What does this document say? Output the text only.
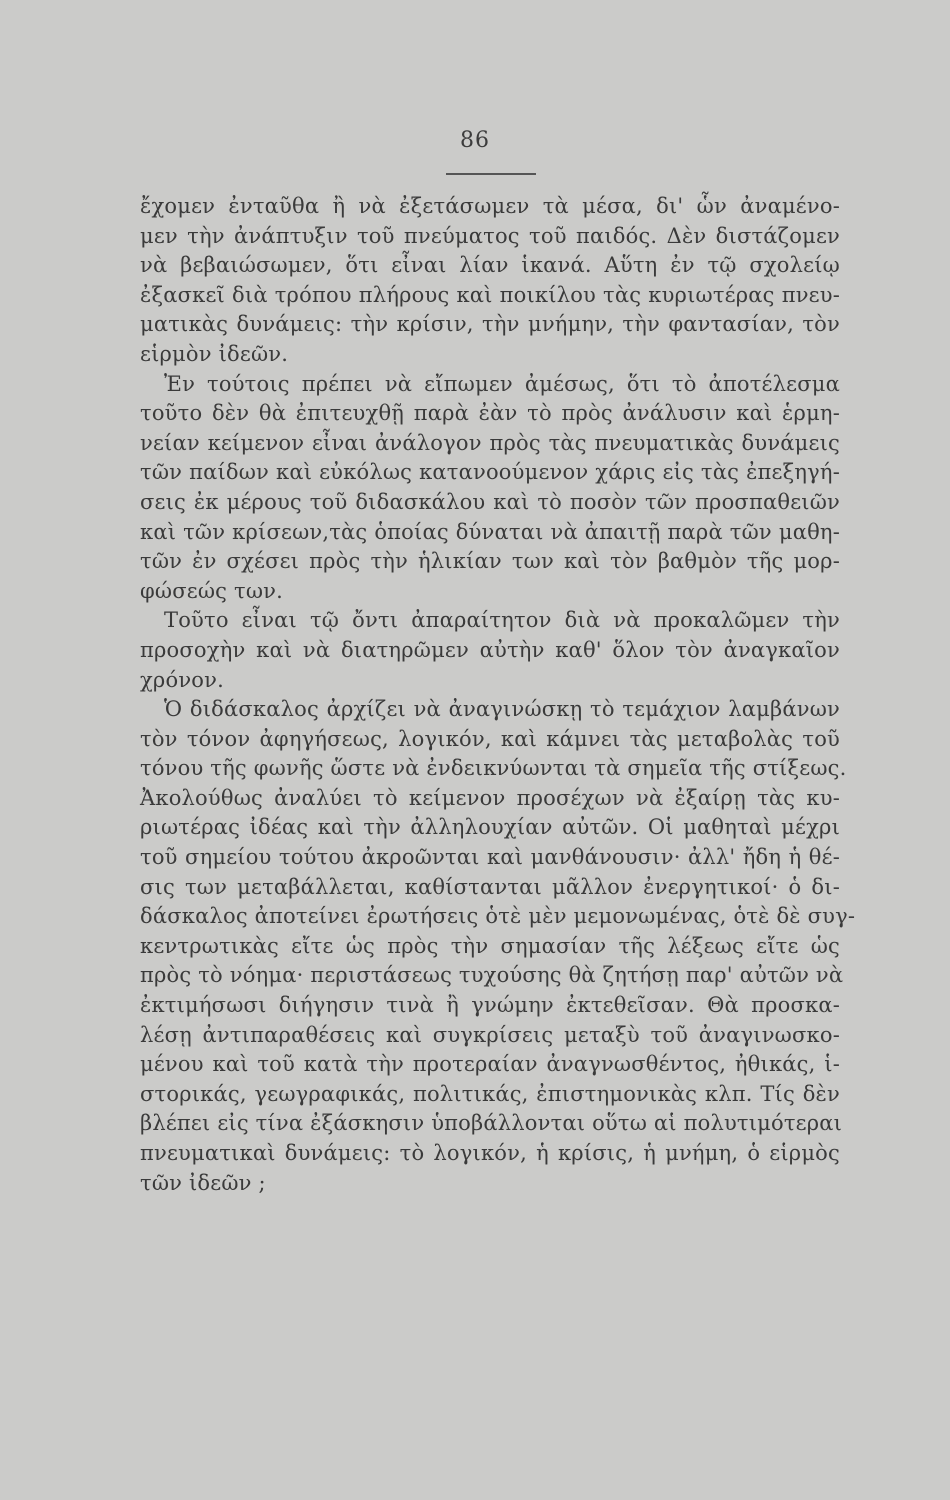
86
ἔχομεν ἐνταῦθα ἢ νὰ ἐξετάσωμεν τὰ μέσα, δι' ὧν ἀναμένο-
μεν τὴν ἀνάπτυξιν τοῦ πνεύματος τοῦ παιδός. Δὲν διστάζομεν
νὰ βεβαιώσωμεν, ὅτι εἶναι λίαν ἱκανά. Αὕτη ἐν τῷ σχολείῳ
ἐξασκεῖ διὰ τρόπου πλήρους καὶ ποικίλου τὰς κυριωτέρας πνευ-
ματικὰς δυνάμεις: τὴν κρίσιν, τὴν μνήμην, τὴν φαντασίαν, τὸν
εἱρμὸν ἰδεῶν.
Ἐν τούτοις πρέπει νὰ εἴπωμεν ἀμέσως, ὅτι τὸ ἀποτέλεσμα
τοῦτο δὲν θὰ ἐπιτευχθῇ παρὰ ἐὰν τὸ πρὸς ἀνάλυσιν καὶ ἑρμη-
νείαν κείμενον εἶναι ἀνάλογον πρὸς τὰς πνευματικὰς δυνάμεις
τῶν παίδων καὶ εὐκόλως κατανοούμενον χάρις εἰς τὰς ἐπεξηγή-
σεις ἐκ μέρους τοῦ διδασκάλου καὶ τὸ ποσὸν τῶν προσπαθειῶν
καὶ τῶν κρίσεων,τὰς ὁποίας δύναται νὰ ἀπαιτῇ παρὰ τῶν μαθη-
τῶν ἐν σχέσει πρὸς τὴν ἡλικίαν των καὶ τὸν βαθμὸν τῆς μορ-
φώσεώς των.
Τοῦτο εἶναι τῷ ὄντι ἀπαραίτητον διὰ νὰ προκαλῶμεν τὴν
προσοχὴν καὶ νὰ διατηρῶμεν αὐτὴν καθ' ὅλον τὸν ἀναγκαῖον
χρόνον.
Ὁ διδάσκαλος ἀρχίζει νὰ ἀναγινώσκῃ τὸ τεμάχιον λαμβάνων
τὸν τόνον ἀφηγήσεως, λογικόν, καὶ κάμνει τὰς μεταβολὰς τοῦ
τόνου τῆς φωνῆς ὥστε νὰ ἐνδεικνύωνται τὰ σημεῖα τῆς στίξεως.
Ἀκολούθως ἀναλύει τὸ κείμενον προσέχων νὰ ἐξαίρῃ τὰς κυ-
ριωτέρας ἰδέας καὶ τὴν ἀλληλουχίαν αὐτῶν. Οἱ μαθηταὶ μέχρι
τοῦ σημείου τούτου ἀκροῶνται καὶ μανθάνουσιν· ἀλλ' ἤδη ἡ θέ-
σις των μεταβάλλεται, καθίστανται μᾶλλον ἐνεργητικοί· ὁ δι-
δάσκαλος ἀποτείνει ἐρωτήσεις ὁτὲ μὲν μεμονωμένας, ὁτὲ δὲ συγ-
κεντρωτικὰς εἴτε ὡς πρὸς τὴν σημασίαν τῆς λέξεως εἴτε ὡς
πρὸς τὸ νόημα· περιστάσεως τυχούσης θὰ ζητήσῃ παρ' αὐτῶν νὰ
ἐκτιμήσωσι διήγησιν τινὰ ἢ γνώμην ἐκτεθεῖσαν. Θὰ προσκα-
λέσῃ ἀντιπαραθέσεις καὶ συγκρίσεις μεταξὺ τοῦ ἀναγινωσκο-
μένου καὶ τοῦ κατὰ τὴν προτεραίαν ἀναγνωσθέντος, ἠθικάς, ἱ-
στορικάς, γεωγραφικάς, πολιτικάς, ἐπιστημονικὰς κλπ. Τίς δὲν
βλέπει εἰς τίνα ἐξάσκησιν ὑποβάλλονται οὕτω αἱ πολυτιμότεραι
πνευματικαὶ δυνάμεις: τὸ λογικόν, ἡ κρίσις, ἡ μνήμη, ὁ εἱρμὸς
τῶν ἰδεῶν ;
